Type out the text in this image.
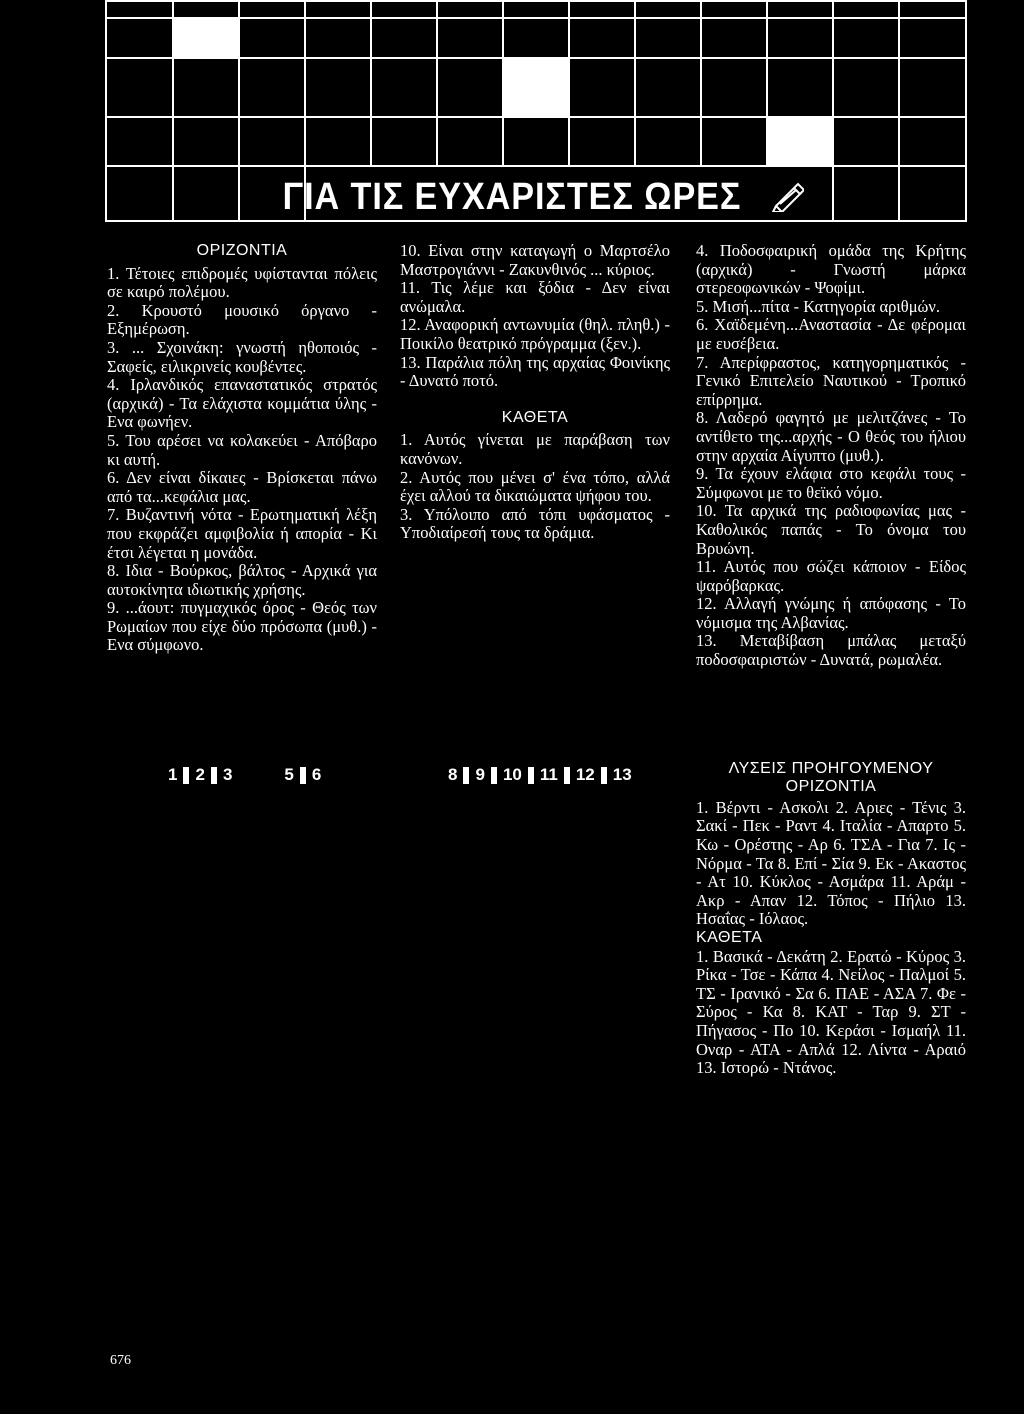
ΓΙΑ ΤΙΣ ΕΥΧΑΡΙΣΤΕΣ ΩΡΕΣ
ΟΡΙΖΟΝΤΙΑ

1. Τέτοιες επιδρομές υφίστανται πόλεις σε καιρό πολέμου.

2. Κρουστό μουσικό όργανο - Εξημέρωση.

3. ... Σχοινάκη: γνωστή ηθοποιός - Σαφείς, ειλικρινείς κουβέντες.

4. Ιρλανδικός επαναστατικός στρατός (αρχικά) - Τα ελάχιστα κομμάτια ύλης - Ενα φωνήεν.

5. Του αρέσει να κολακεύει - Απόβαρο κι αυτή.

6. Δεν είναι δίκαιες - Βρίσκεται πάνω από τα...κεφάλια μας.

7. Βυζαντινή νότα - Ερωτηματική λέξη που εκφράζει αμφιβολία ή απορία - Κι έτσι λέγεται η μονάδα.

8. Ιδια - Βούρκος, βάλτος - Αρχικά για αυτοκίνητα ιδιωτικής χρήσης.

9. ...άουτ: πυγμαχικός όρος - Θεός των Ρωμαίων που είχε δύο πρόσωπα (μυθ.) - Ενα σύμφωνο.

1 2 3	5 6

10. Είναι στην καταγωγή ο Μαρτσέλο Μαστρογιάννι - Ζακυνθινός ... κύριος.

11. Τις λέμε και ξόδια - Δεν είναι ανώμαλα.

12. Αναφορική αντωνυμία (θηλ. πληθ.) - Ποικίλο θεατρικό πρόγραμμα (ξεν.).

13. Παράλια πόλη της αρχαίας Φοινίκης - Δυνατό ποτό.

ΚΑΘΕΤΑ

1. Αυτός γίνεται με παράβαση των κανόνων.

2. Αυτός που μένει σ' ένα τόπο, αλλά έχει αλλού τα δικαιώματα ψήφου του.

3. Υπόλοιπο από τόπι υφάσματος - Υποδιαίρεσή τους τα δράμια.

8 9 10 11 12 13

4. Ποδοσφαιρική ομάδα της Κρήτης (αρχικά) - Γνωστή μάρκα στερεοφωνικών - Ψοφίμι.

5. Μισή...πίτα - Κατηγορία αριθμών.

6. Χαϊδεμένη...Αναστασία - Δε φέρομαι με ευσέβεια.

7. Απερίφραστος, κατηγορηματικός - Γενικό Επιτελείο Ναυτικού - Τροπικό επίρρημα.

8. Λαδερό φαγητό με μελιτζάνες - Το αντίθετο της...αρχής - Ο θεός του ήλιου στην αρχαία Αίγυπτο (μυθ.).

9. Τα έχουν ελάφια στο κεφάλι τους - Σύμφωνοι με το θεϊκό νόμο.

10. Τα αρχικά της ραδιοφωνίας μας - Καθολικός παπάς - Το όνομα του Βρυώνη.

11. Αυτός που σώζει κάποιον - Είδος ψαρόβαρκας.

12. Αλλαγή γνώμης ή απόφασης - Το νόμισμα της Αλβανίας.

13. Μεταβίβαση μπάλας μεταξύ ποδοσφαιριστών - Δυνατά, ρωμαλέα.

ΛΥΣΕΙΣ ΠΡΟΗΓΟΥΜΕΝΟΥ
ΟΡΙΖΟΝΤΙΑ

1. Βέρντι - Ασκολι 2. Αριες - Τένις 3. Σακί - Πεκ - Ραντ 4. Ιταλία - Απαρτο 5. Κω - Ορέστης - Αρ 6. ΤΣΑ - Για 7. Ις - Νόρμα - Τα 8. Επί - Σία 9. Εκ - Ακαστος - Ατ 10. Κύκλος - Ασμάρα 11. Αράμ - Ακρ - Απαν 12. Τόπος - Πήλιο 13. Ησαΐας - Ιόλαος.

ΚΑΘΕΤΑ

1. Βασικά - Δεκάτη 2. Ερατώ - Κύρος 3. Ρίκα - Τσε - Κάπα 4. Νείλος - Παλμοί 5. ΤΣ - Ιρανικό - Σα 6. ΠΑΕ - ΑΣΑ 7. Φε - Σύρος - Κα 8. ΚΑΤ - Ταρ 9. ΣΤ - Πήγασος - Πο 10. Κεράσι - Ισμαήλ 11. Οναρ - ΑΤΑ - Απλά 12. Λίντα - Αραιό 13. Ιστορώ - Ντάνος.

676
